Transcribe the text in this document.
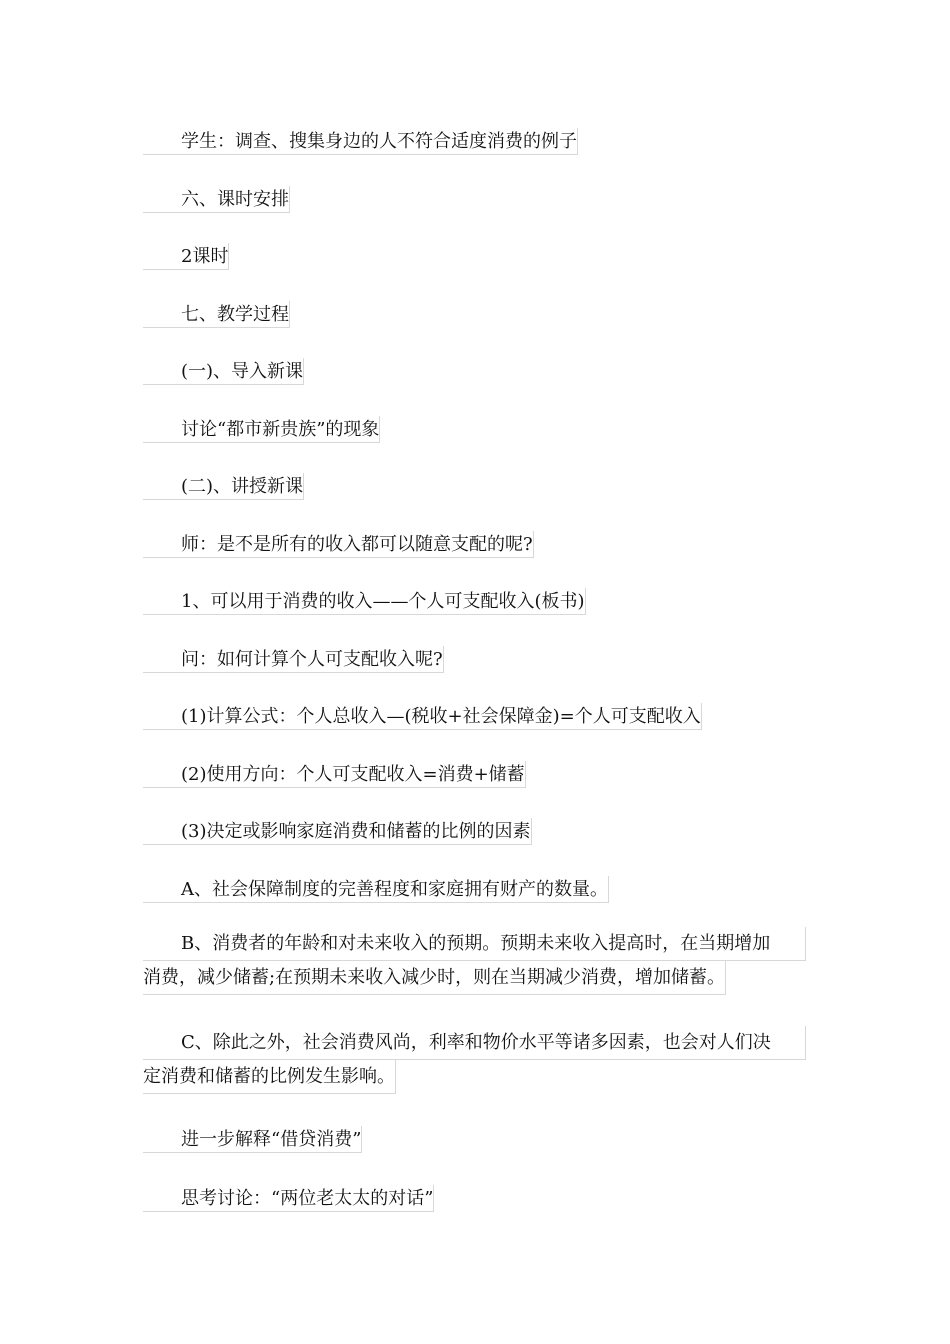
学生：调查、搜集身边的人不符合适度消费的例子
六、课时安排
2课时
七、教学过程
(一)、导入新课
讨论“都市新贵族”的现象
(二)、讲授新课
师：是不是所有的收入都可以随意支配的呢?
1、可以用于消费的收入——个人可支配收入(板书)
问：如何计算个人可支配收入呢?
(1)计算公式：个人总收入—(税收+社会保障金)=个人可支配收入
(2)使用方向：个人可支配收入=消费+储蓄
(3)决定或影响家庭消费和储蓄的比例的因素
A、社会保障制度的完善程度和家庭拥有财产的数量。
B、消费者的年龄和对未来收入的预期。预期未来收入提高时，在当期增加
消费，减少储蓄;在预期未来收入减少时，则在当期减少消费，增加储蓄。
C、除此之外，社会消费风尚，利率和物价水平等诸多因素，也会对人们决
定消费和储蓄的比例发生影响。
进一步解释“借贷消费”
思考讨论：“两位老太太的对话”
